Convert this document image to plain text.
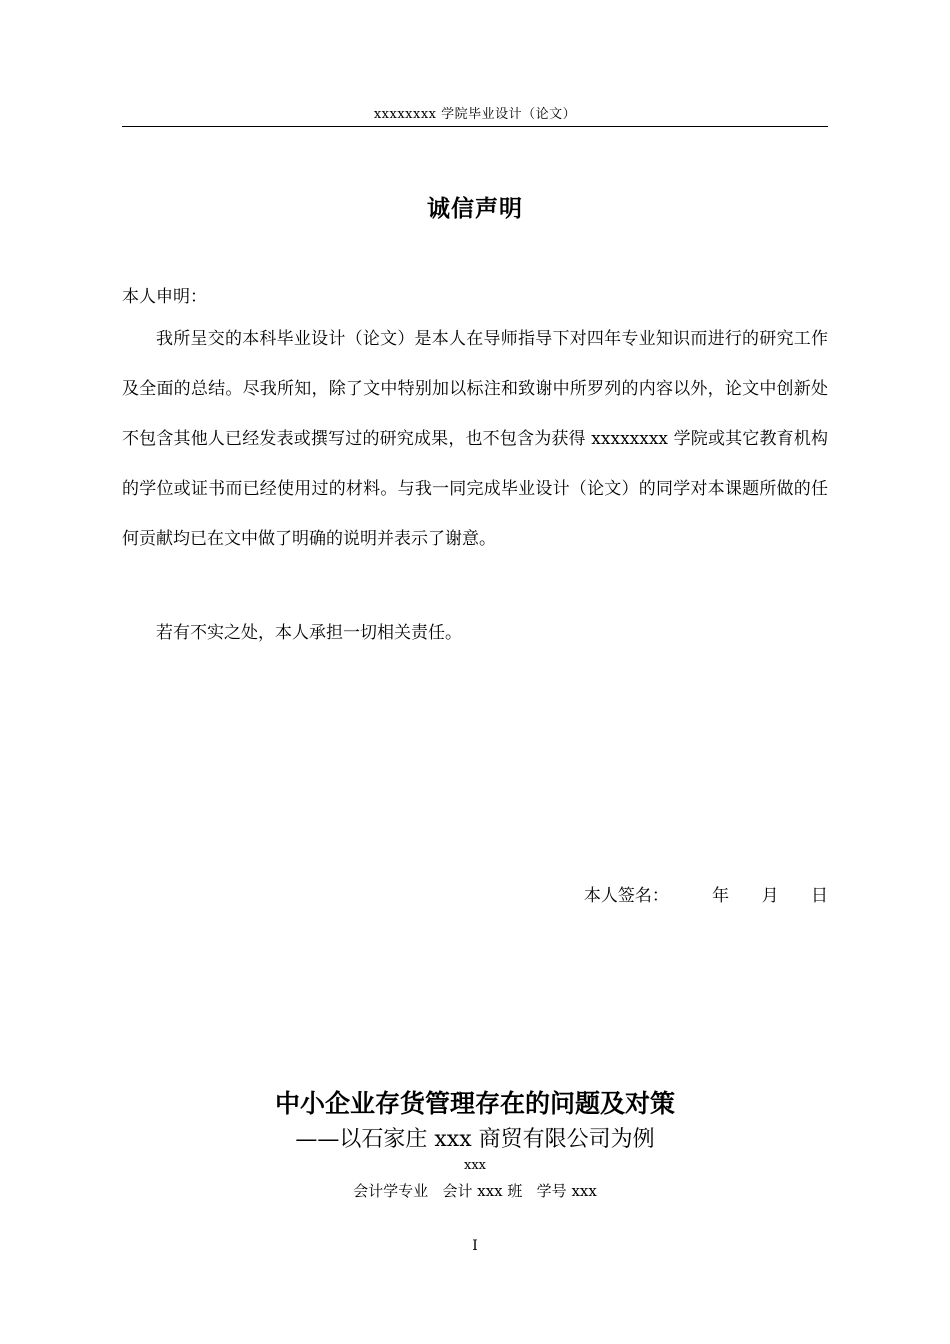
xxxxxxxx 学院毕业设计（论文）
诚信声明
本人申明：
我所呈交的本科毕业设计（论文）是本人在导师指导下对四年专业知识而进行的研究工作及全面的总结。尽我所知，除了文中特别加以标注和致谢中所罗列的内容以外，论文中创新处不包含其他人已经发表或撰写过的研究成果，也不包含为获得 xxxxxxxx 学院或其它教育机构的学位或证书而已经使用过的材料。与我一同完成毕业设计（论文）的同学对本课题所做的任何贡献均已在文中做了明确的说明并表示了谢意。
若有不实之处，本人承担一切相关责任。
本人签名：        年      月      日
中小企业存货管理存在的问题及对策
——以石家庄 xxx 商贸有限公司为例
xxx
会计学专业   会计 xxx 班   学号 xxx
I
